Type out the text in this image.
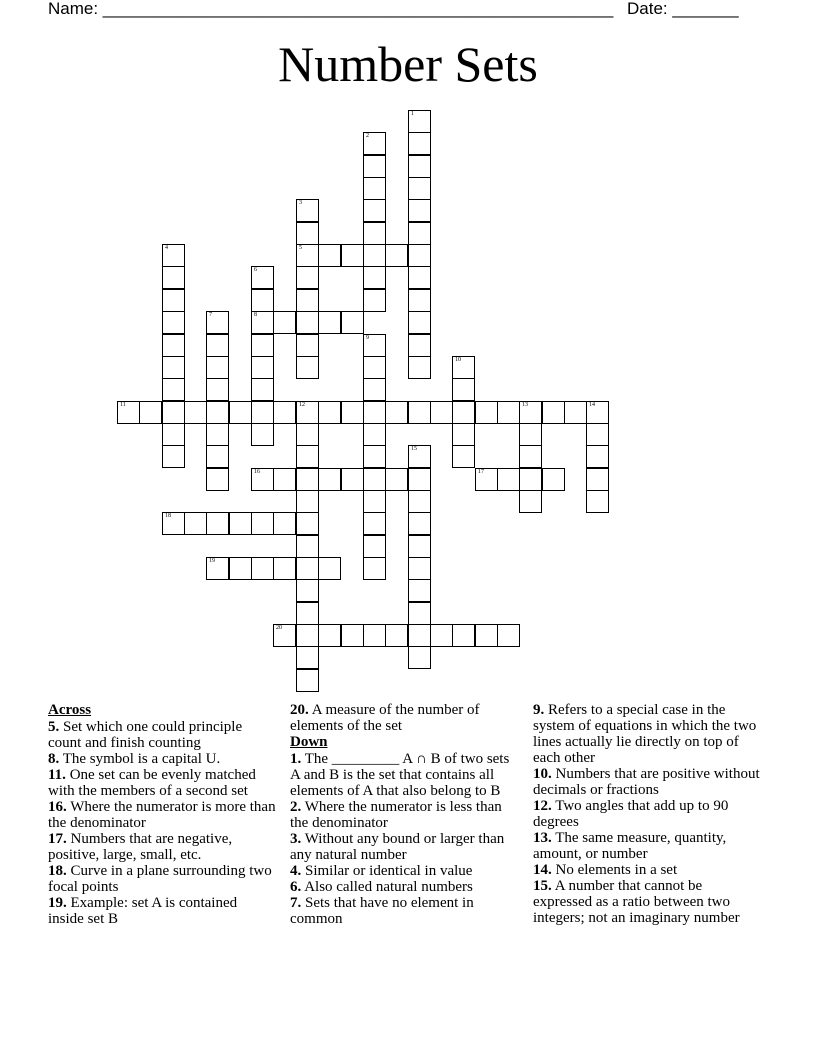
Name: ______________________________________________________ Date: _______
Number Sets
1
2
3
5
4
6
8
7
9
10
11	12	13	14
15
16	17
18
19
20
Across
5. Set which one could principle count and finish counting
8. The symbol is a capital U.
11. One set can be evenly matched with the members of a second set
16. Where the numerator is more than the denominator
17. Numbers that are negative, positive, large, small, etc.
18. Curve in a plane surrounding two focal points
19. Example: set A is contained inside set B
20. A measure of the number of elements of the set
Down
1. The _________ A ∩ B of two sets A and B is the set that contains all elements of A that also belong to B
2. Where the numerator is less than the denominator
3. Without any bound or larger than any natural number
4. Similar or identical in value
6. Also called natural numbers
7. Sets that have no element in common
9. Refers to a special case in the system of equations in which the two lines actually lie directly on top of each other
10. Numbers that are positive without decimals or fractions
12. Two angles that add up to 90 degrees
13. The same measure, quantity, amount, or number
14. No elements in a set
15. A number that cannot be expressed as a ratio between two integers; not an imaginary number
